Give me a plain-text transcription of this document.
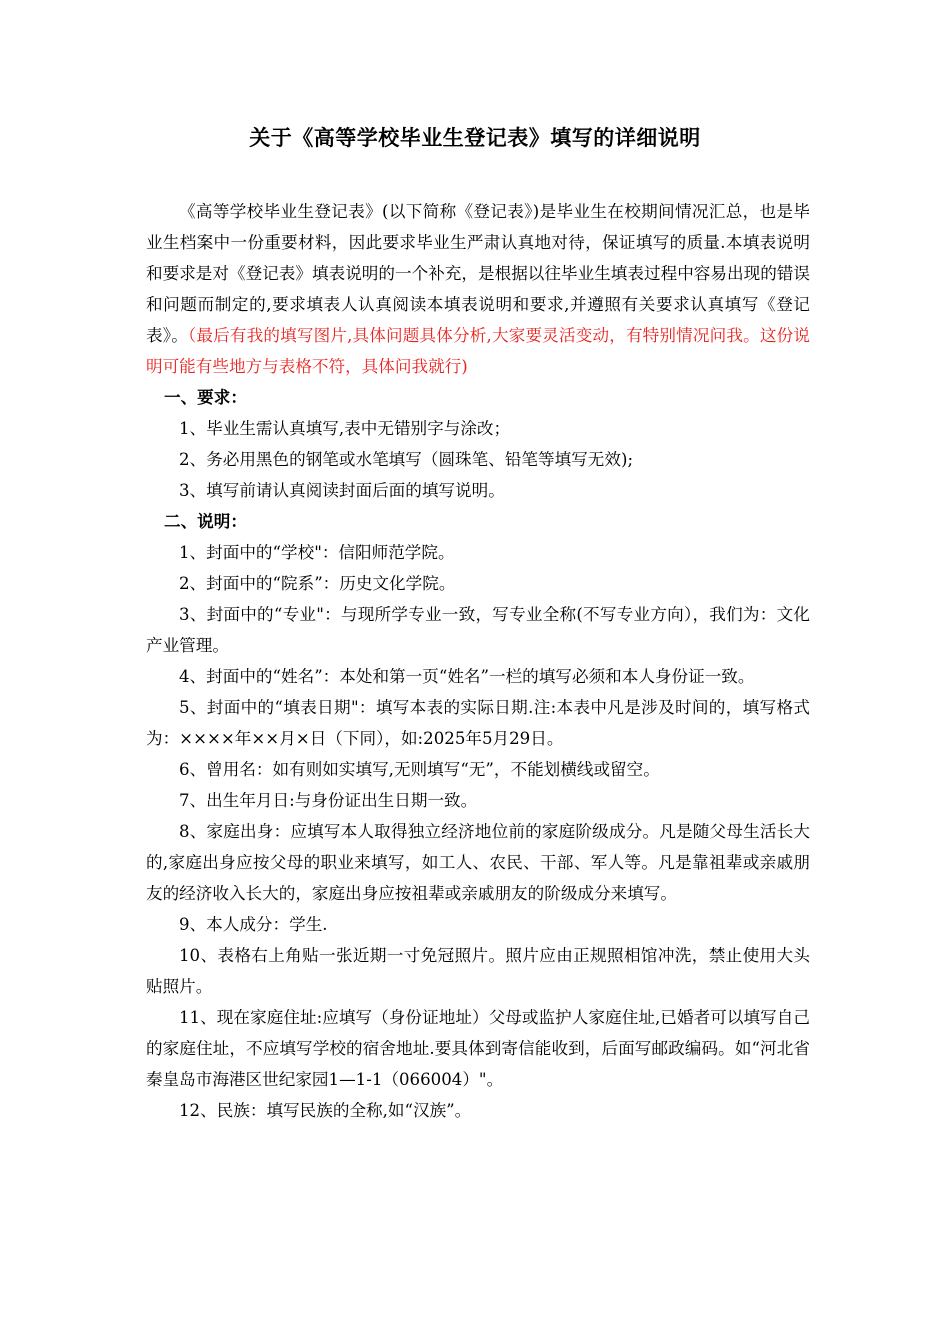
关于《高等学校毕业生登记表》填写的详细说明

《高等学校毕业生登记表》(以下简称《登记表》)是毕业生在校期间情况汇总，也是毕业生档案中一份重要材料，因此要求毕业生严肃认真地对待，保证填写的质量.本填表说明和要求是对《登记表》填表说明的一个补充，是根据以往毕业生填表过程中容易出现的错误和问题而制定的,要求填表人认真阅读本填表说明和要求,并遵照有关要求认真填写《登记表》。（最后有我的填写图片,具体问题具体分析,大家要灵活变动，有特别情况问我。这份说明可能有些地方与表格不符，具体问我就行)

一、要求：

1、毕业生需认真填写,表中无错别字与涂改；

2、务必用黑色的钢笔或水笔填写（圆珠笔、铅笔等填写无效);

3、填写前请认真阅读封面后面的填写说明。

二、说明：

1、封面中的“学校"：信阳师范学院。

2、封面中的“院系”：历史文化学院。

3、封面中的“专业"：与现所学专业一致，写专业全称(不写专业方向），我们为：文化产业管理。

4、封面中的“姓名”：本处和第一页“姓名”一栏的填写必须和本人身份证一致。

5、封面中的“填表日期"：填写本表的实际日期.注:本表中凡是涉及时间的，填写格式为：××××年××月×日（下同），如:2025年5月29日。

6、曾用名：如有则如实填写,无则填写“无”，不能划横线或留空。

7、出生年月日:与身份证出生日期一致。

8、家庭出身：应填写本人取得独立经济地位前的家庭阶级成分。凡是随父母生活长大的,家庭出身应按父母的职业来填写，如工人、农民、干部、军人等。凡是靠祖辈或亲戚朋友的经济收入长大的，家庭出身应按祖辈或亲戚朋友的阶级成分来填写。

9、本人成分：学生.

10、表格右上角贴一张近期一寸免冠照片。照片应由正规照相馆冲洗，禁止使用大头贴照片。

11、现在家庭住址:应填写（身份证地址）父母或监护人家庭住址,已婚者可以填写自己的家庭住址，不应填写学校的宿舍地址.要具体到寄信能收到，后面写邮政编码。如“河北省秦皇岛市海港区世纪家园1—1-1（066004）"。

12、民族：填写民族的全称,如“汉族”。
